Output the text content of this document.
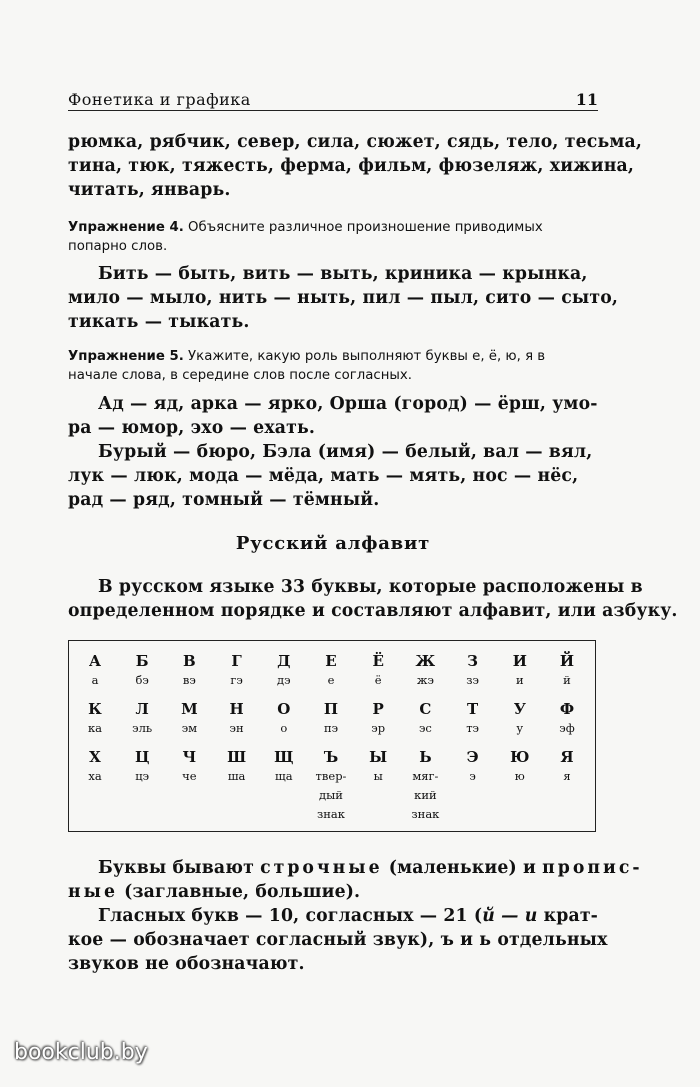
Фонетика и графика	11
рюмка, рябчик, север, сила, сюжет, сядь, тело, тесьма,
тина, тюк, тяжесть, ферма, фильм, фюзеляж, хижина,
читать, январь.
Упражнение 4. Объясните различное произношение приводимых
попарно слов.
Бить — быть, вить — выть, криника — крынка,
мило — мыло, нить — ныть, пил — пыл, сито — сыто,
тикать — тыкать.
Упражнение 5. Укажите, какую роль выполняют буквы е, ё, ю, я в
начале слова, в середине слов после согласных.
Ад — яд, арка — ярко, Орша (город) — ёрш, умо-
ра — юмор, эхо — ехать.
Бурый — бюро, Бэла (имя) — белый, вал — вял,
лук — люк, мода — мёда, мать — мять, нос — нёс,
рад — ряд, томный — тёмный.
Русский алфавит
В русском языке 33 буквы, которые расположены в
определенном порядке и составляют алфавит, или азбуку.
А
а
Б
бэ
В
вэ
Г
гэ
Д
дэ
Е
е
Ё
ё
Ж
жэ
З
зэ
И
и
Й
й
К
ка
Л
эль
М
эм
Н
эн
О
о
П
пэ
Р
эр
С
эс
Т
тэ
У
у
Ф
эф
Х
ха
Ц
цэ
Ч
че
Ш
ша
Щ
ща
Ъ
твер-
дый
знак
Ы
ы
Ь
мяг-
кий
знак
Э
э
Ю
ю
Я
я
Буквы бывают строчные (маленькие) и пропис-
ные (заглавные, большие).
Гласных букв — 10, согласных — 21 (й — и крат-
кое — обозначает согласный звук), ъ и ь отдельных
звуков не обозначают.
bookclub.by
